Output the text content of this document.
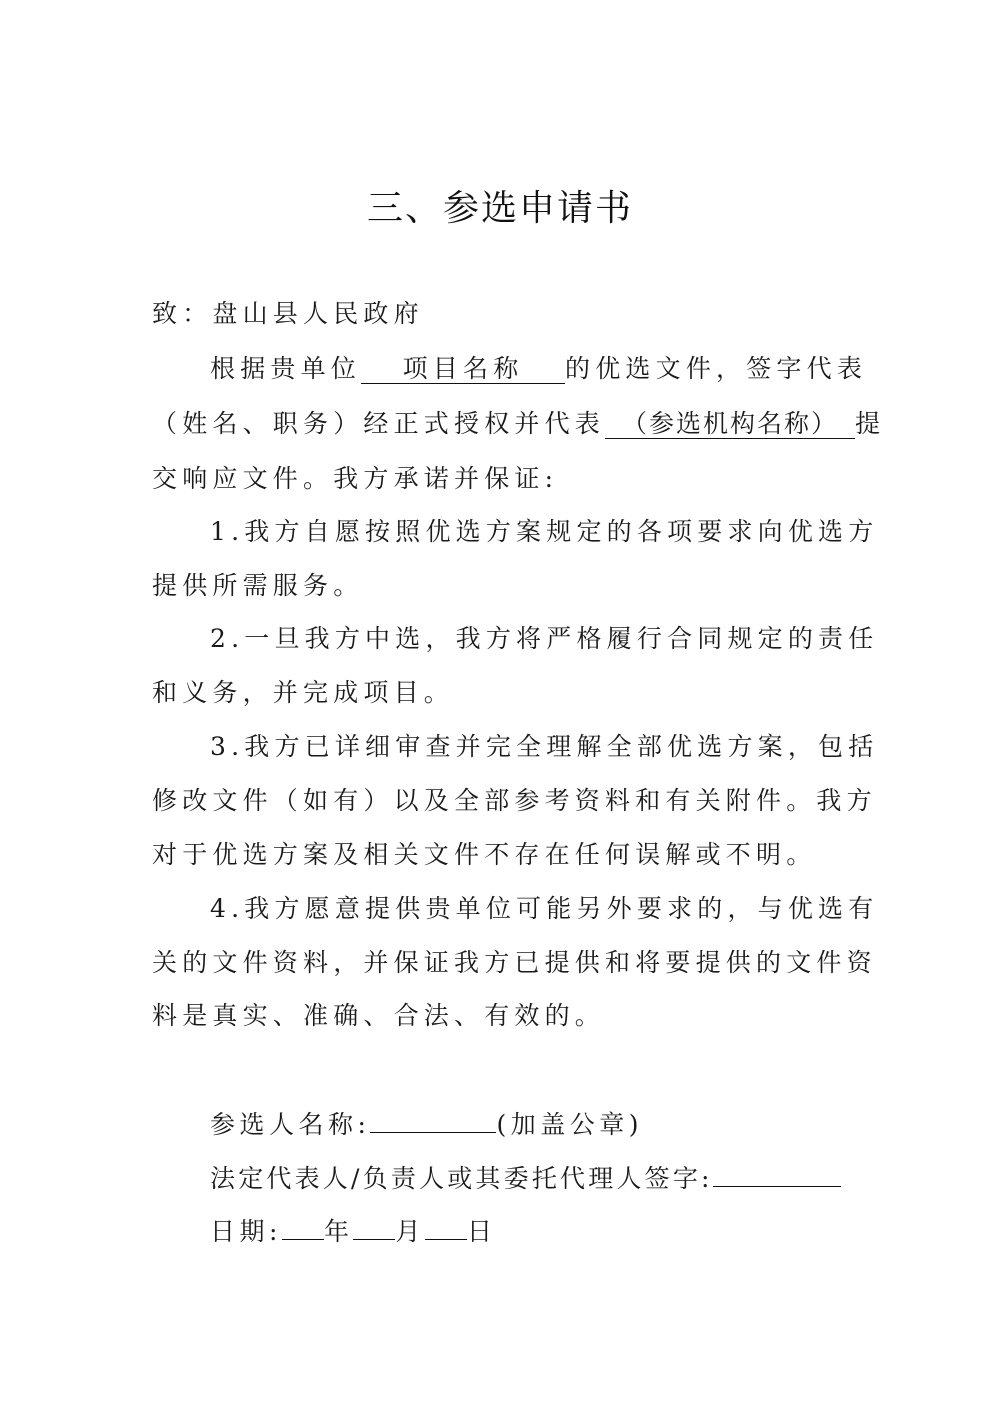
三、参选申请书
致：盘山县人民政府
根据贵单位 项目名称 的优选文件，签字代表
（姓名、职务）经正式授权并代表 （参选机构名称） 提
交响应文件。我方承诺并保证:
1.我方自愿按照优选方案规定的各项要求向优选方
提供所需服务。
2.一旦我方中选，我方将严格履行合同规定的责任
和义务，并完成项目。
3.我方已详细审查并完全理解全部优选方案，包括
修改文件（如有）以及全部参考资料和有关附件。我方
对于优选方案及相关文件不存在任何误解或不明。
4.我方愿意提供贵单位可能另外要求的，与优选有
关的文件资料，并保证我方已提供和将要提供的文件资
料是真实、准确、合法、有效的。
参选人名称:	(加盖公章)
法定代表人/负责人或其委托代理人签字:
日期: 年 月 日
